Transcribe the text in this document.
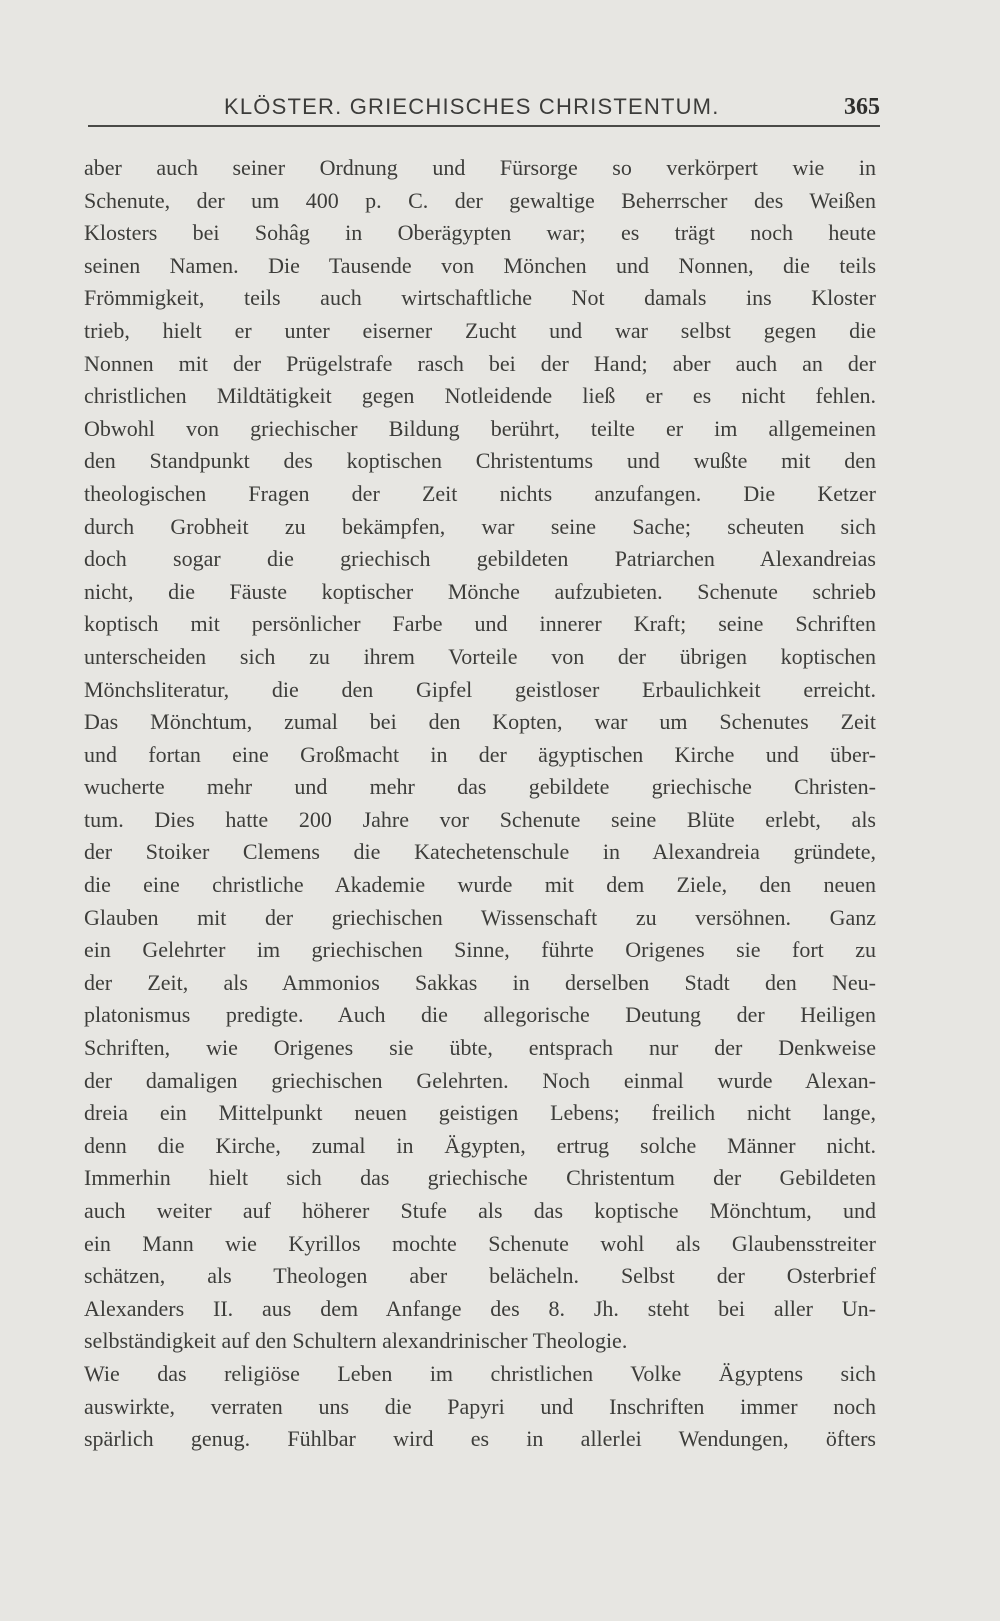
KLÖSTER. GRIECHISCHES CHRISTENTUM.	365
aber auch seiner Ordnung und Fürsorge so verkörpert wie in
Schenute, der um 400 p. C. der gewaltige Beherrscher des Weißen
Klosters bei Sohâg in Oberägypten war; es trägt noch heute
seinen Namen. Die Tausende von Mönchen und Nonnen, die teils
Frömmigkeit, teils auch wirtschaftliche Not damals ins Kloster
trieb, hielt er unter eiserner Zucht und war selbst gegen die
Nonnen mit der Prügelstrafe rasch bei der Hand; aber auch an der
christlichen Mildtätigkeit gegen Notleidende ließ er es nicht fehlen.
Obwohl von griechischer Bildung berührt, teilte er im allgemeinen
den Standpunkt des koptischen Christentums und wußte mit den
theologischen Fragen der Zeit nichts anzufangen. Die Ketzer
durch Grobheit zu bekämpfen, war seine Sache; scheuten sich
doch sogar die griechisch gebildeten Patriarchen Alexandreias
nicht, die Fäuste koptischer Mönche aufzubieten. Schenute schrieb
koptisch mit persönlicher Farbe und innerer Kraft; seine Schriften
unterscheiden sich zu ihrem Vorteile von der übrigen koptischen
Mönchsliteratur, die den Gipfel geistloser Erbaulichkeit erreicht.
Das Mönchtum, zumal bei den Kopten, war um Schenutes Zeit
und fortan eine Großmacht in der ägyptischen Kirche und über-
wucherte mehr und mehr das gebildete griechische Christen-
tum. Dies hatte 200 Jahre vor Schenute seine Blüte erlebt, als
der Stoiker Clemens die Katechetenschule in Alexandreia gründete,
die eine christliche Akademie wurde mit dem Ziele, den neuen
Glauben mit der griechischen Wissenschaft zu versöhnen. Ganz
ein Gelehrter im griechischen Sinne, führte Origenes sie fort zu
der Zeit, als Ammonios Sakkas in derselben Stadt den Neu-
platonismus predigte. Auch die allegorische Deutung der Heiligen
Schriften, wie Origenes sie übte, entsprach nur der Denkweise
der damaligen griechischen Gelehrten. Noch einmal wurde Alexan-
dreia ein Mittelpunkt neuen geistigen Lebens; freilich nicht lange,
denn die Kirche, zumal in Ägypten, ertrug solche Männer nicht.
Immerhin hielt sich das griechische Christentum der Gebildeten
auch weiter auf höherer Stufe als das koptische Mönchtum, und
ein Mann wie Kyrillos mochte Schenute wohl als Glaubensstreiter
schätzen, als Theologen aber belächeln. Selbst der Osterbrief
Alexanders II. aus dem Anfange des 8. Jh. steht bei aller Un-
selbständigkeit auf den Schultern alexandrinischer Theologie.
Wie das religiöse Leben im christlichen Volke Ägyptens sich
auswirkte, verraten uns die Papyri und Inschriften immer noch
spärlich genug. Fühlbar wird es in allerlei Wendungen, öfters
